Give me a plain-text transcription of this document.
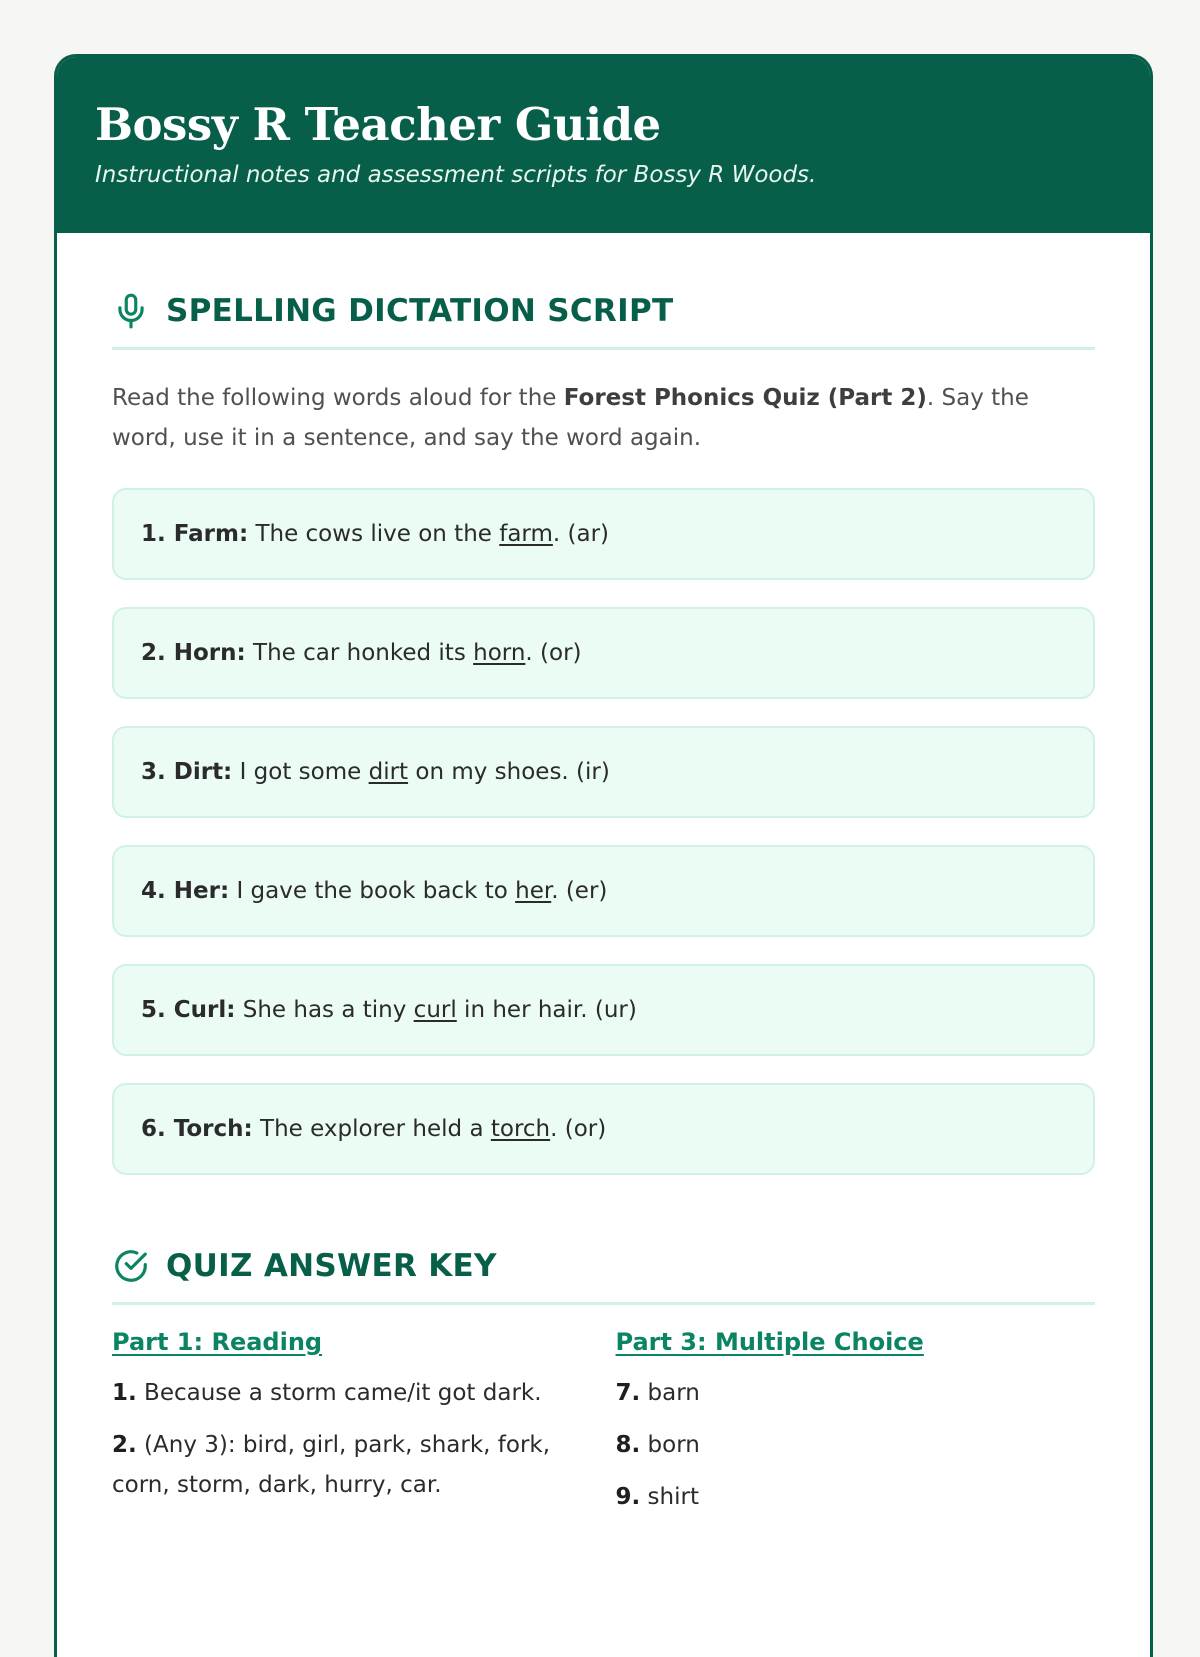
Bossy R Teacher Guide
Instructional notes and assessment scripts for Bossy R Woods.
SPELLING DICTATION SCRIPT

Read the following words aloud for the Forest Phonics Quiz (Part 2). Say the word, use it in a sentence, and say the word again.

1. Farm: The cows live on the farm. (ar)
2. Horn: The car honked its horn. (or)
3. Dirt: I got some dirt on my shoes. (ir)
4. Her: I gave the book back to her. (er)
5. Curl: She has a tiny curl in her hair. (ur)
6. Torch: The explorer held a torch. (or)
QUIZ ANSWER KEY
Part 1: Reading

1. Because a storm came/it got dark.

2. (Any 3): bird, girl, park, shark, fork, corn, storm, dark, hurry, car.

Part 3: Multiple Choice

7. barn

8. born

9. shirt
